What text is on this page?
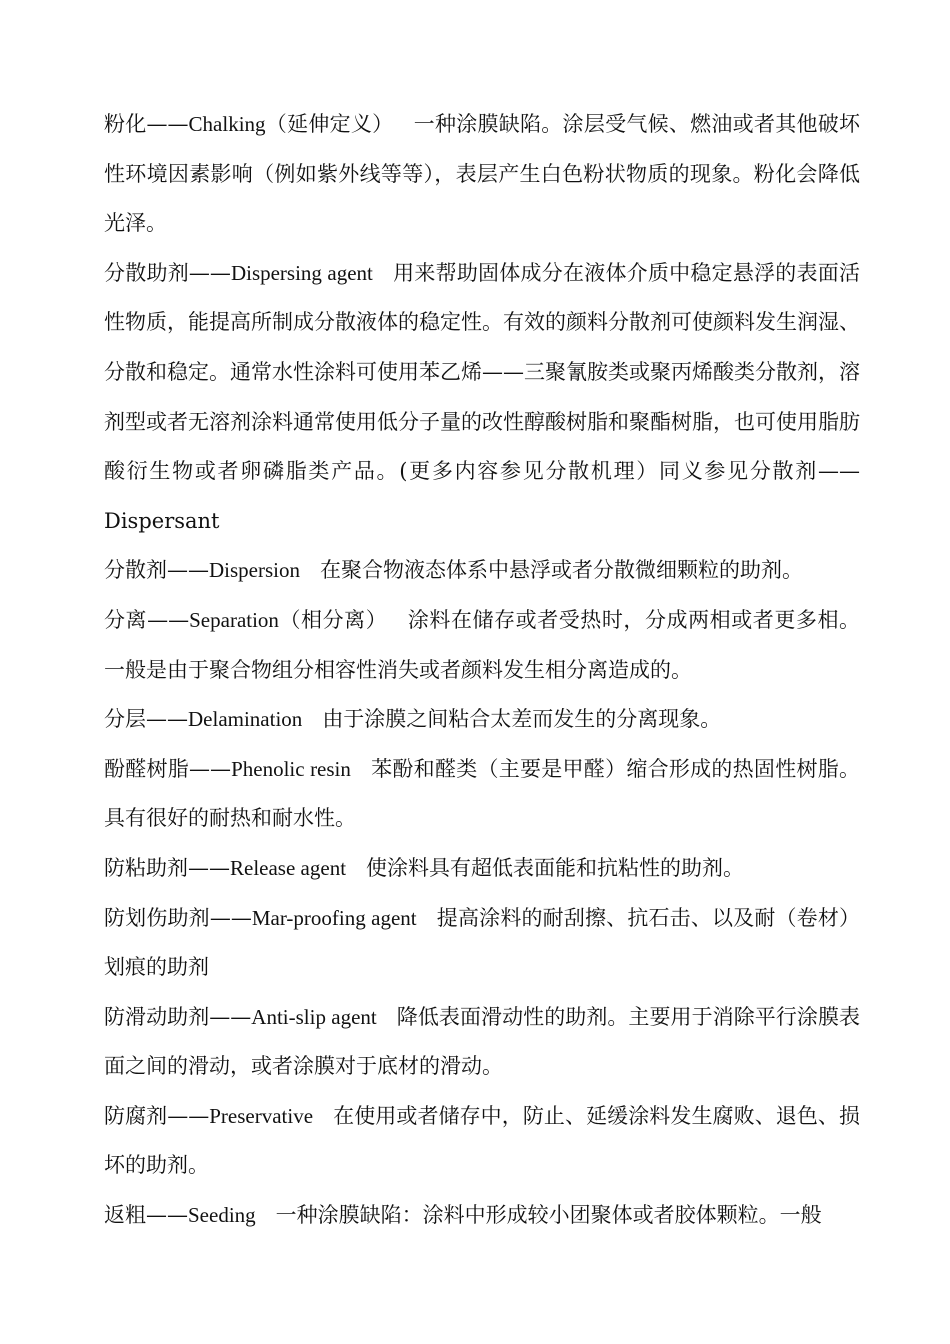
粉化——Chalking（延伸定义） 一种涂膜缺陷。涂层受气候、燃油或者其他破坏性环境因素影响（例如紫外线等等），表层产生白色粉状物质的现象。粉化会降低光泽。

分散助剂——Dispersing agent 用来帮助固体成分在液体介质中稳定悬浮的表面活性物质，能提高所制成分散液体的稳定性。有效的颜料分散剂可使颜料发生润湿、分散和稳定。通常水性涂料可使用苯乙烯——三聚氰胺类或聚丙烯酸类分散剂，溶剂型或者无溶剂涂料通常使用低分子量的改性醇酸树脂和聚酯树脂，也可使用脂肪酸衍生物或者卵磷脂类产品。(更多内容参见分散机理）同义参见分散剂——Dispersant

分散剂——Dispersion 在聚合物液态体系中悬浮或者分散微细颗粒的助剂。

分离——Separation（相分离） 涂料在储存或者受热时，分成两相或者更多相。一般是由于聚合物组分相容性消失或者颜料发生相分离造成的。

分层——Delamination 由于涂膜之间粘合太差而发生的分离现象。

酚醛树脂——Phenolic resin 苯酚和醛类（主要是甲醛）缩合形成的热固性树脂。具有很好的耐热和耐水性。

防粘助剂——Release agent 使涂料具有超低表面能和抗粘性的助剂。

防划伤助剂——Mar-proofing agent 提高涂料的耐刮擦、抗石击、以及耐（卷材）划痕的助剂

防滑动助剂——Anti-slip agent 降低表面滑动性的助剂。主要用于消除平行涂膜表面之间的滑动，或者涂膜对于底材的滑动。

防腐剂——Preservative 在使用或者储存中，防止、延缓涂料发生腐败、退色、损坏的助剂。

返粗——Seeding 一种涂膜缺陷：涂料中形成较小团聚体或者胶体颗粒。一般
